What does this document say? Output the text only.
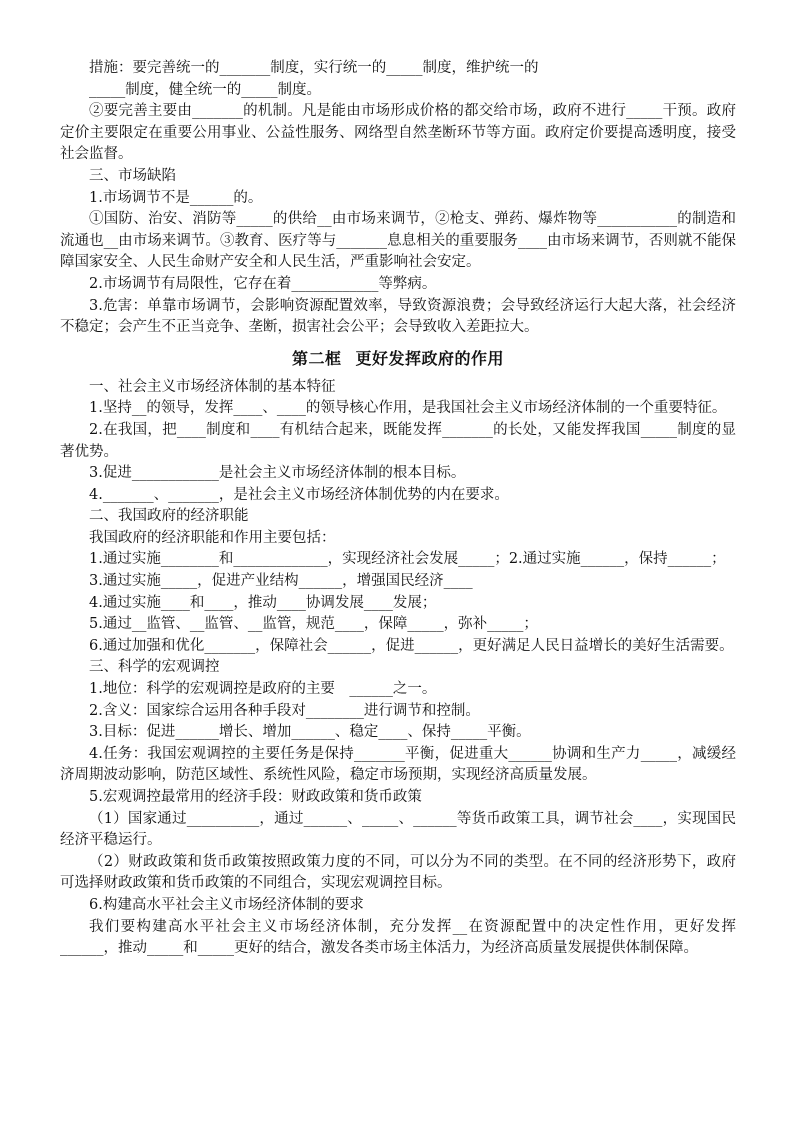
措施：要完善统一的_______制度，实行统一的_____制度，维护统一的

_____制度，健全统一的_____制度。

②要完善主要由_______的机制。凡是能由市场形成价格的都交给市场，政府不进行_____干预。政府定价主要限定在重要公用事业、公益性服务、网络型自然垄断环节等方面。政府定价要提高透明度，接受社会监督。

三、市场缺陷

1.市场调节不是______的。

①国防、治安、消防等_____的供给__由市场来调节，②枪支、弹药、爆炸物等___________的制造和流通也__由市场来调节。③教育、医疗等与_______息息相关的重要服务____由市场来调节，否则就不能保障国家安全、人民生命财产安全和人民生活，严重影响社会安定。

2.市场调节有局限性，它存在着____________等弊病。

3.危害：单靠市场调节，会影响资源配置效率，导致资源浪费；会导致经济运行大起大落，社会经济不稳定；会产生不正当竞争、垄断，损害社会公平；会导致收入差距拉大。

第二框 更好发挥政府的作用

一、社会主义市场经济体制的基本特征

1.坚持__的领导，发挥____、____的领导核心作用，是我国社会主义市场经济体制的一个重要特征。

2.在我国，把____制度和____有机结合起来，既能发挥_______的长处，又能发挥我国_____制度的显著优势。

3.促进____________是社会主义市场经济体制的根本目标。

4._______、_______，是社会主义市场经济体制优势的内在要求。

二、我国政府的经济职能

我国政府的经济职能和作用主要包括：

1.通过实施________和_____________，实现经济社会发展_____；2.通过实施______，保持______；

3.通过实施_____，促进产业结构______，增强国民经济____

4.通过实施____和____，推动____协调发展____发展；

5.通过__监管、__监管、__监管，规范____，保障_____，弥补_____；

6.通过加强和优化_______，保障社会______，促进______，更好满足人民日益增长的美好生活需要。

三、科学的宏观调控

1.地位：科学的宏观调控是政府的主要　______之一。

2.含义：国家综合运用各种手段对________进行调节和控制。

3.目标：促进______增长、增加______、稳定____、保持_____平衡。

4.任务：我国宏观调控的主要任务是保持_______平衡，促进重大______协调和生产力_____，减缓经济周期波动影响，防范区域性、系统性风险，稳定市场预期，实现经济高质量发展。

5.宏观调控最常用的经济手段：财政政策和货币政策

（1）国家通过__________，通过______、_____、______等货币政策工具，调节社会____，实现国民经济平稳运行。

（2）财政政策和货币政策按照政策力度的不同，可以分为不同的类型。在不同的经济形势下，政府可选择财政政策和货币政策的不同组合，实现宏观调控目标。

6.构建高水平社会主义市场经济体制的要求

我们要构建高水平社会主义市场经济体制，充分发挥__在资源配置中的决定性作用，更好发挥______，推动_____和_____更好的结合，激发各类市场主体活力，为经济高质量发展提供体制保障。
